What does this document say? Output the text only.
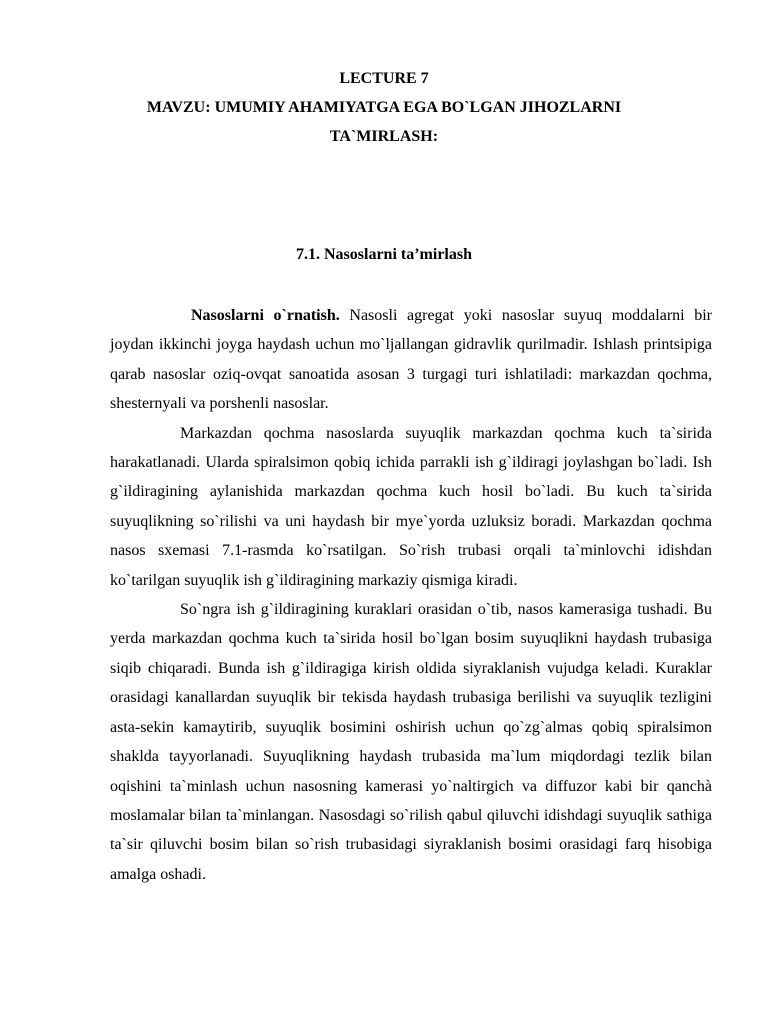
LECTURE 7
MAVZU: UMUMIY AHAMIYATGA EGA BO`LGAN JIHOZLARNI
TA`MIRLASH:
7.1. Nasoslarni ta’mirlash

Nasoslarni o`rnatish. Nasosli agregat yoki nasoslar suyuq moddalarni bir joydan ikkinchi joyga haydash uchun mo`ljallangan gidravlik qurilmadir. Ishlash printsipiga qarab nasoslar oziq-ovqat sanoatida asosan 3 turgagi turi ishlatiladi: markazdan qochma, shesternyali va porshenli nasoslar.

Markazdan qochma nasoslarda suyuqlik markazdan qochma kuch ta`sirida harakatlanadi. Ularda spiralsimon qobiq ichida parrakli ish g`ildiragi joylashgan bo`ladi. Ish g`ildiragining aylanishida markazdan qochma kuch hosil bo`ladi. Bu kuch ta`sirida suyuqlikning so`rilishi va uni haydash bir mye`yorda uzluksiz boradi. Markazdan qochma nasos sxemasi 7.1-rasmda ko`rsatilgan. So`rish trubasi orqali ta`minlovchi idishdan ko`tarilgan suyuqlik ish g`ildiragining markaziy qismiga kiradi.

So`ngra ish g`ildiragining kuraklari orasidan o`tib, nasos kamerasiga tushadi. Bu yerda markazdan qochma kuch ta`sirida hosil bo`lgan bosim suyuqlikni haydash trubasiga siqib chiqaradi. Bunda ish g`ildiragiga kirish oldida siyraklanish vujudga keladi. Kuraklar orasidagi kanallardan suyuqlik bir tekisda haydash trubasiga berilishi va suyuqlik tezligini asta-sekin kamaytirib, suyuqlik bosimini oshirish uchun qo`zg`almas qobiq spiralsimon shaklda tayyorlanadi. Suyuqlikning haydash trubasida ma`lum miqdordagi tezlik bilan oqishini ta`minlash uchun nasosning kamerasi yo`naltirgich va diffuzor kabi bir qanchà moslamalar bilan ta`minlangan. Nasosdagi so`rilish qabul qiluvchi idishdagi suyuqlik sathiga ta`sir qiluvchi bosim bilan so`rish trubasidagi siyraklanish bosimi orasidagi farq hisobiga amalga oshadi.
